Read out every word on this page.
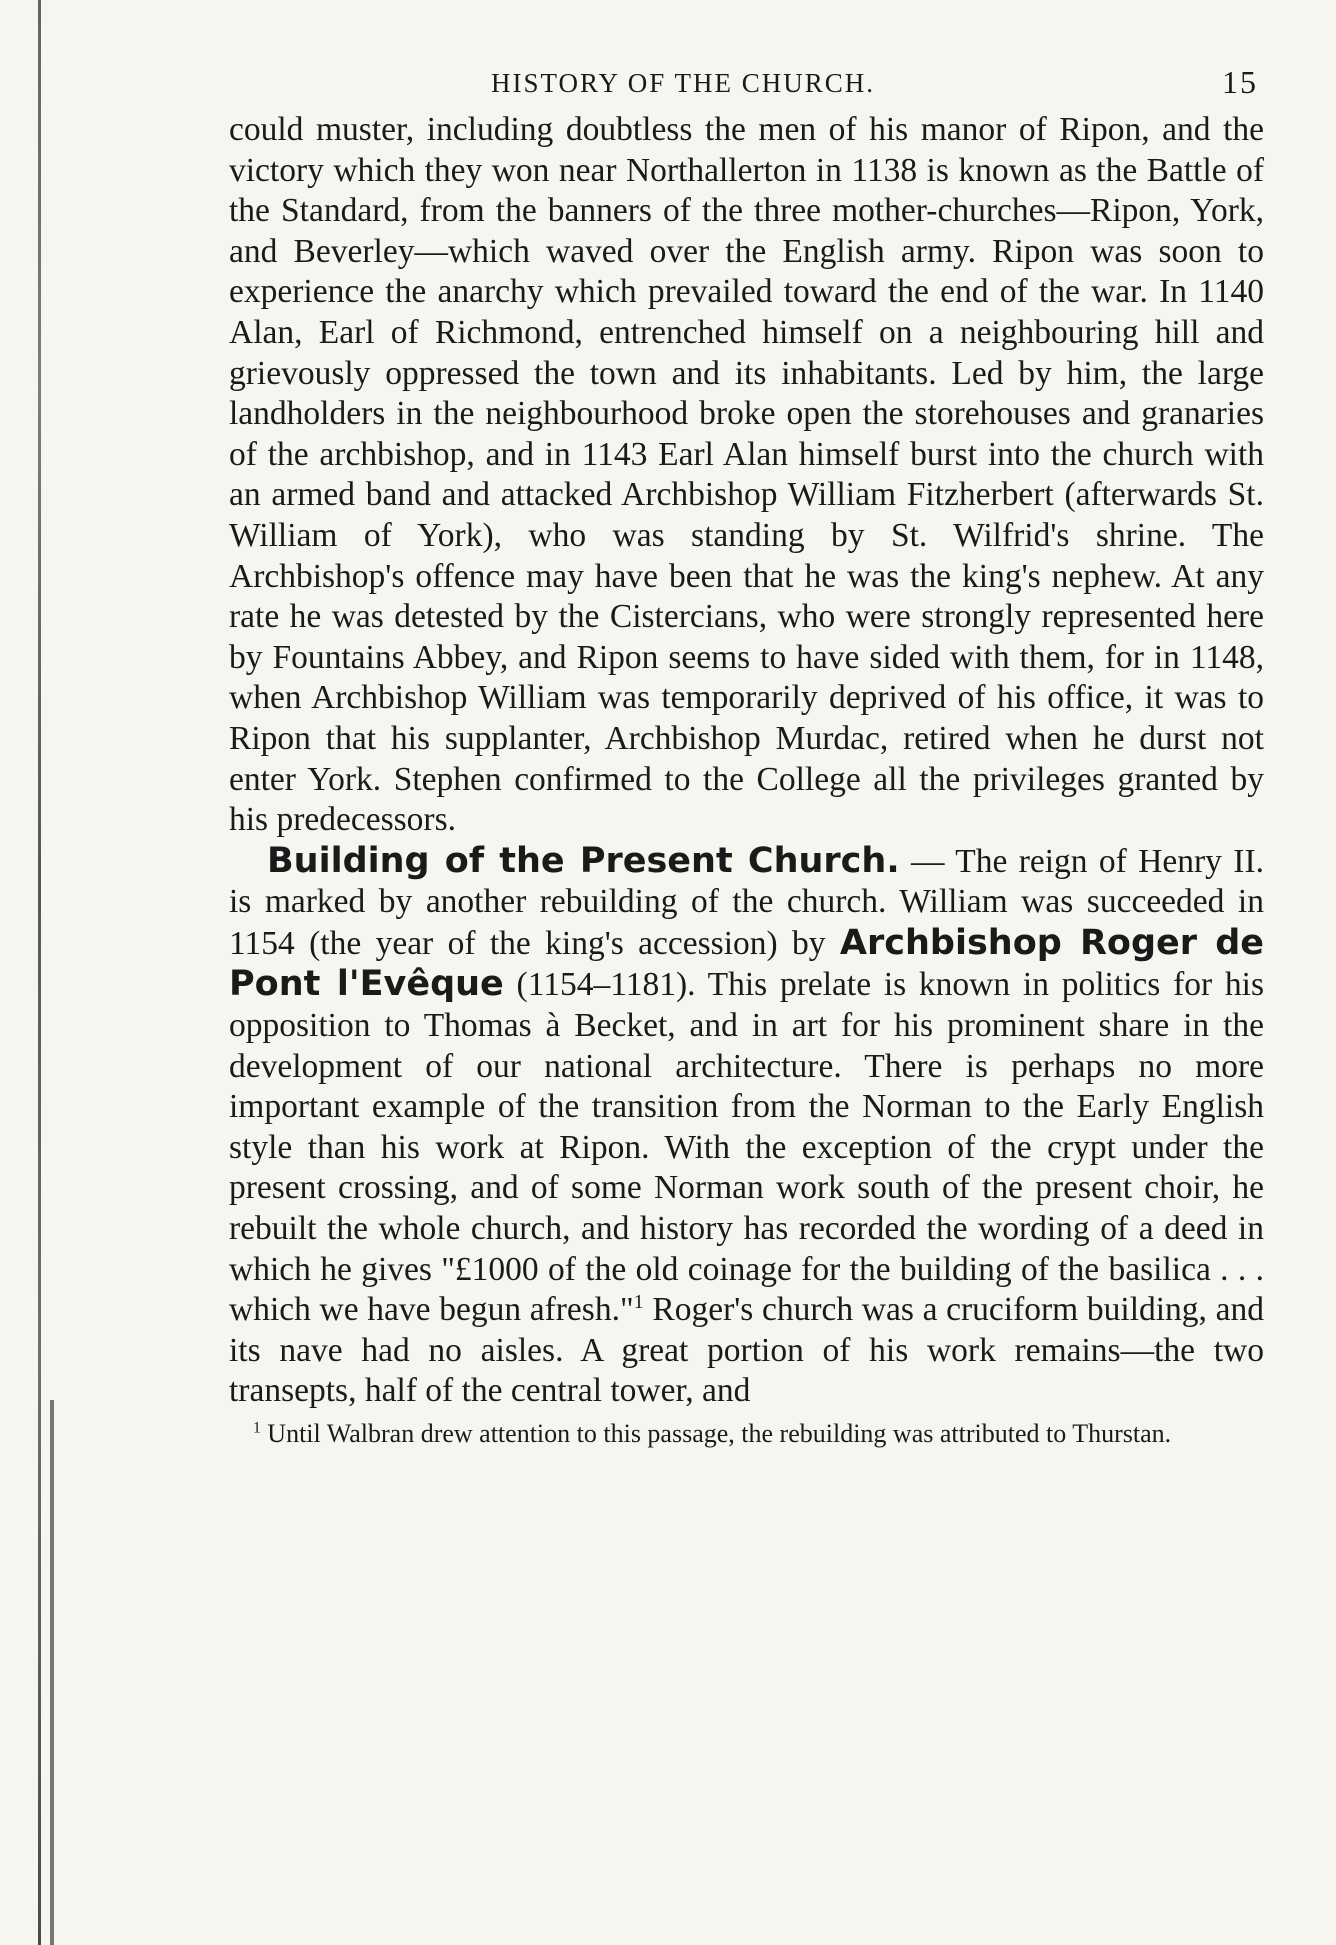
HISTORY OF THE CHURCH.	15

could muster, including doubtless the men of his manor of Ripon, and the victory which they won near Northallerton in 1138 is known as the Battle of the Standard, from the banners of the three mother-churches—Ripon, York, and Beverley—which waved over the English army. Ripon was soon to experience the anarchy which prevailed toward the end of the war. In 1140 Alan, Earl of Richmond, entrenched himself on a neighbouring hill and grievously oppressed the town and its inhabitants. Led by him, the large landholders in the neighbourhood broke open the storehouses and granaries of the archbishop, and in 1143 Earl Alan himself burst into the church with an armed band and attacked Archbishop William Fitzherbert (afterwards St. William of York), who was standing by St. Wilfrid's shrine. The Archbishop's offence may have been that he was the king's nephew. At any rate he was detested by the Cistercians, who were strongly represented here by Fountains Abbey, and Ripon seems to have sided with them, for in 1148, when Archbishop William was temporarily deprived of his office, it was to Ripon that his supplanter, Archbishop Murdac, retired when he durst not enter York. Stephen confirmed to the College all the privileges granted by his predecessors.

Building of the Present Church. — The reign of Henry II. is marked by another rebuilding of the church. William was succeeded in 1154 (the year of the king's accession) by Archbishop Roger de Pont l'Evêque (1154–1181). This prelate is known in politics for his opposition to Thomas à Becket, and in art for his prominent share in the development of our national architecture. There is perhaps no more important example of the transition from the Norman to the Early English style than his work at Ripon. With the exception of the crypt under the present crossing, and of some Norman work south of the present choir, he rebuilt the whole church, and history has recorded the wording of a deed in which he gives "£1000 of the old coinage for the building of the basilica . . . which we have begun afresh."$^1$ Roger's church was a cruciform building, and its nave had no aisles. A great portion of his work remains—the two transepts, half of the central tower, and

$^1$ Until Walbran drew attention to this passage, the rebuilding was attributed to Thurstan.
